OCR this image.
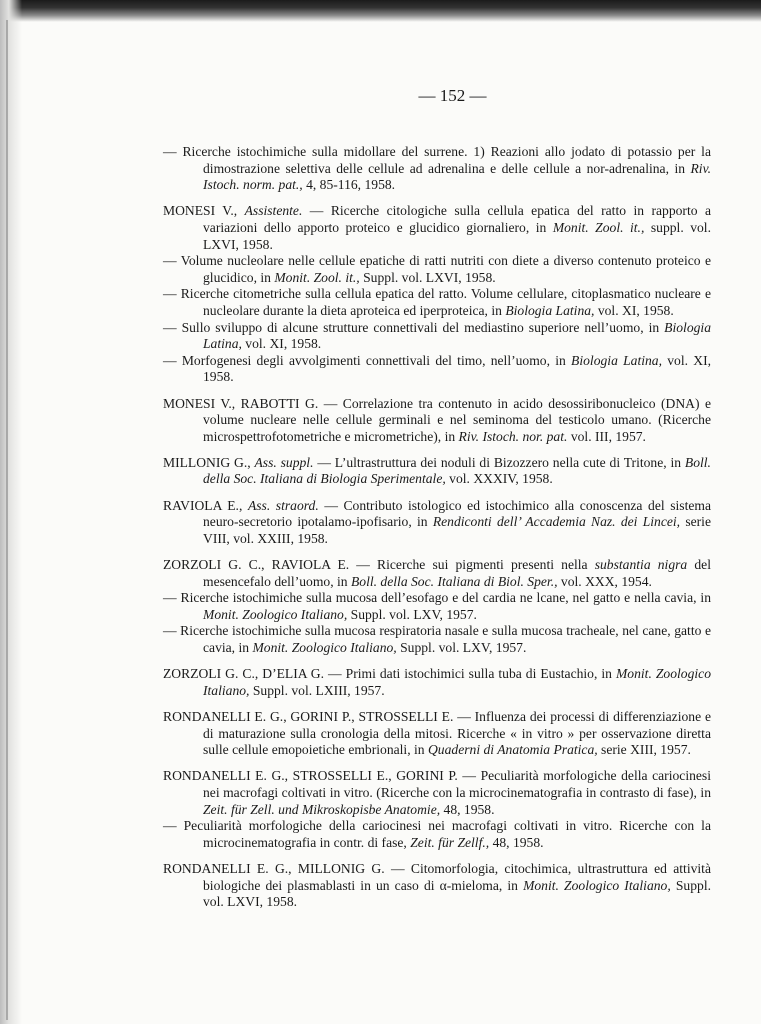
— 152 —
— Ricerche istochimiche sulla midollare del surrene. 1) Reazioni allo jodato di potassio per la dimostrazione selettiva delle cellule ad adrenalina e delle cellule a nor-adrenalina, in Riv. Istoch. norm. pat., 4, 85-116, 1958.
MONESI V., Assistente. — Ricerche citologiche sulla cellula epatica del ratto in rapporto a variazioni dello apporto proteico e glucidico giornaliero, in Monit. Zool. it., suppl. vol. LXVI, 1958.
— Volume nucleolare nelle cellule epatiche di ratti nutriti con diete a diverso contenuto proteico e glucidico, in Monit. Zool. it., Suppl. vol. LXVI, 1958.
— Ricerche citometriche sulla cellula epatica del ratto. Volume cellulare, citoplasmatico nucleare e nucleolare durante la dieta aproteica ed iperproteica, in Biologia Latina, vol. XI, 1958.
— Sullo sviluppo di alcune strutture connettivali del mediastino superiore nell’uomo, in Biologia Latina, vol. XI, 1958.
— Morfogenesi degli avvolgimenti connettivali del timo, nell’uomo, in Biologia Latina, vol. XI, 1958.
MONESI V., RABOTTI G. — Correlazione tra contenuto in acido desossiribonucleico (DNA) e volume nucleare nelle cellule germinali e nel seminoma del testicolo umano. (Ricerche microspettrofotometriche e micrometriche), in Riv. Istoch. nor. pat. vol. III, 1957.
MILLONIG G., Ass. suppl. — L’ultrastruttura dei noduli di Bizozzero nella cute di Tritone, in Boll. della Soc. Italiana di Biologia Sperimentale, vol. XXXIV, 1958.
RAVIOLA E., Ass. straord. — Contributo istologico ed istochimico alla conoscenza del sistema neuro-secretorio ipotalamo-ipofisario, in Rendiconti dell’ Accademia Naz. dei Lincei, serie VIII, vol. XXIII, 1958.
ZORZOLI G. C., RAVIOLA E. — Ricerche sui pigmenti presenti nella substantia nigra del mesencefalo dell’uomo, in Boll. della Soc. Italiana di Biol. Sper., vol. XXX, 1954.
— Ricerche istochimiche sulla mucosa dell’esofago e del cardia ne lcane, nel gatto e nella cavia, in Monit. Zoologico Italiano, Suppl. vol. LXV, 1957.
— Ricerche istochimiche sulla mucosa respiratoria nasale e sulla mucosa tracheale, nel cane, gatto e cavia, in Monit. Zoologico Italiano, Suppl. vol. LXV, 1957.
ZORZOLI G. C., D’ELIA G. — Primi dati istochimici sulla tuba di Eustachio, in Monit. Zoologico Italiano, Suppl. vol. LXIII, 1957.
RONDANELLI E. G., GORINI P., STROSSELLI E. — Influenza dei processi di differenziazione e di maturazione sulla cronologia della mitosi. Ricerche « in vitro » per osservazione diretta sulle cellule emopoietiche embrionali, in Quaderni di Anatomia Pratica, serie XIII, 1957.
RONDANELLI E. G., STROSSELLI E., GORINI P. — Peculiarità morfologiche della cariocinesi nei macrofagi coltivati in vitro. (Ricerche con la microcinematografia in contrasto di fase), in Zeit. für Zell. und Mikroskopisbe Anatomie, 48, 1958.
— Peculiarità morfologiche della cariocinesi nei macrofagi coltivati in vitro. Ricerche con la microcinematografia in contr. di fase, Zeit. für Zellf., 48, 1958.
RONDANELLI E. G., MILLONIG G. — Citomorfologia, citochimica, ultrastruttura ed attività biologiche dei plasmablasti in un caso di α-mieloma, in Monit. Zoologico Italiano, Suppl. vol. LXVI, 1958.
